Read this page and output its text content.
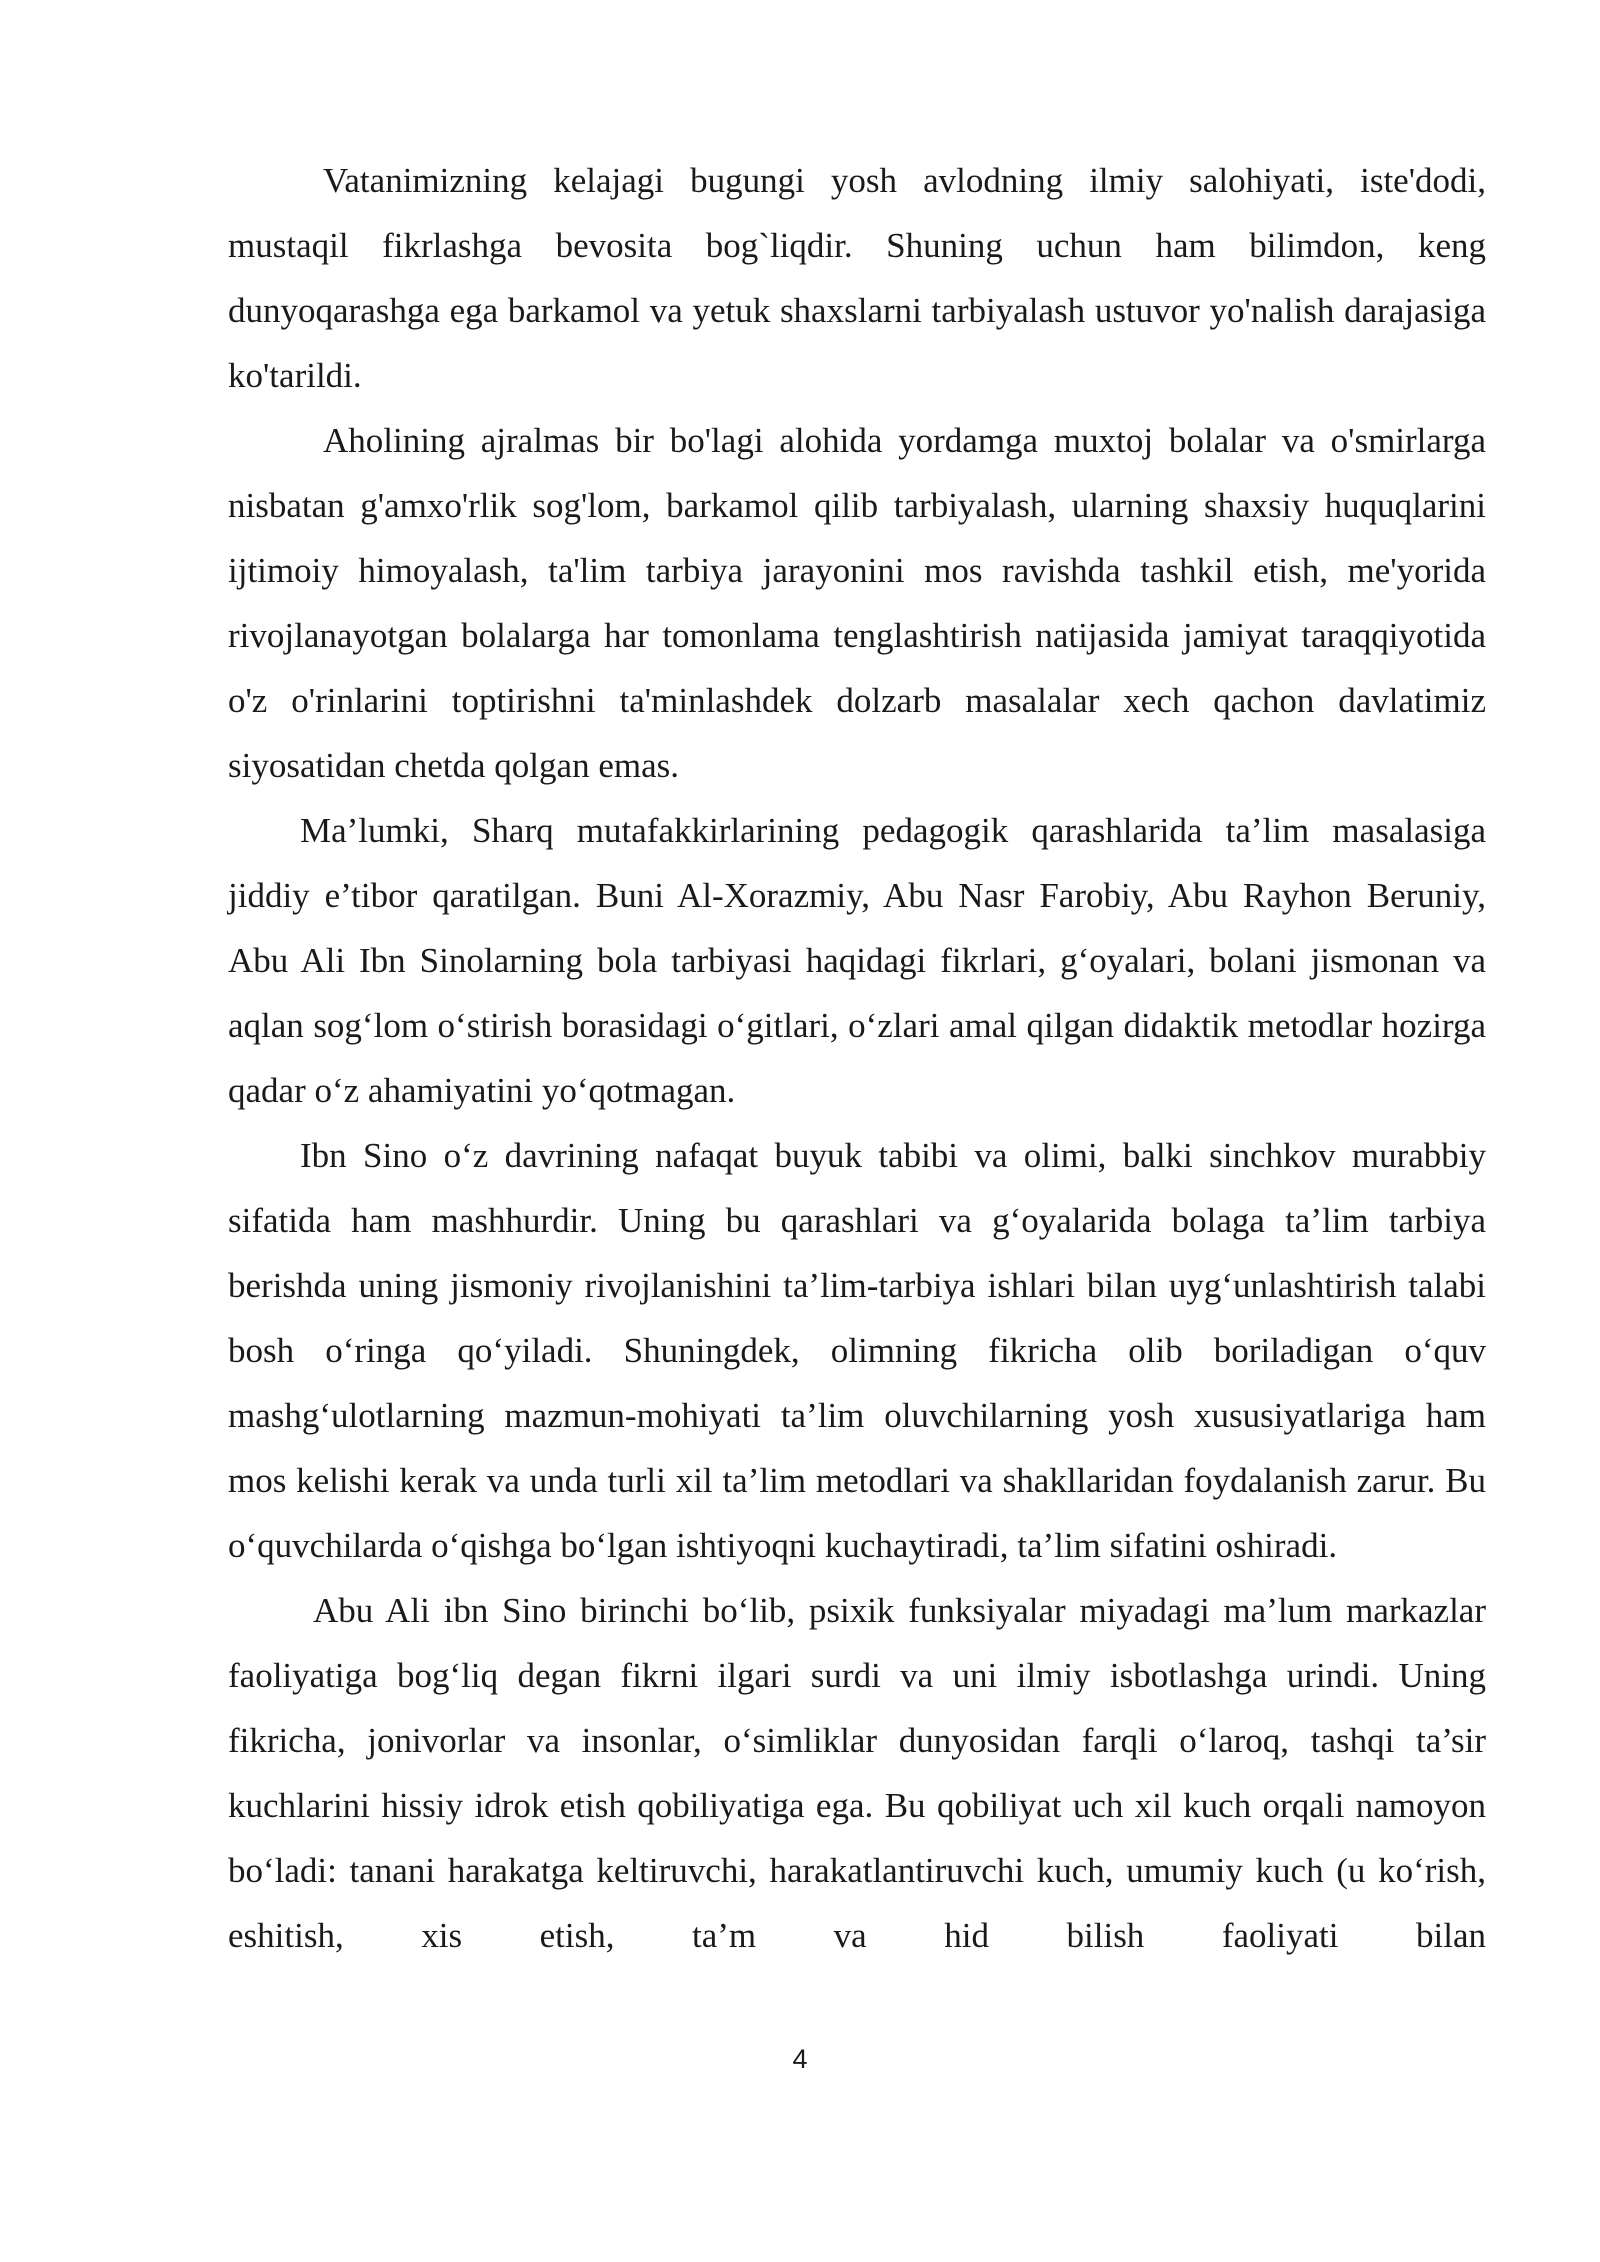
Vatanimizning kelajagi bugungi yosh avlodning ilmiy salohiyati, iste'dodi, mustaqil fikrlashga bevosita bog`liqdir. Shuning uchun ham bilimdon, keng dunyoqarashga ega barkamol va yetuk shaxslarni tarbiyalash ustuvor yo'nalish darajasiga ko'tarildi.

Aholining ajralmas bir bo'lagi alohida yordamga muxtoj bolalar va o'smirlarga nisbatan g'amxo'rlik sog'lom, barkamol qilib tarbiyalash, ularning shaxsiy huquqlarini ijtimoiy himoyalash, ta'lim tarbiya jarayonini mos ravishda tashkil etish, me'yorida rivojlanayotgan bolalarga har tomonlama tenglashtirish natijasida jamiyat taraqqiyotida o'z o'rinlarini toptirishni ta'minlashdek dolzarb masalalar xech qachon davlatimiz siyosatidan chetda qolgan emas.

Ma’lumki, Sharq mutafakkirlarining pedagogik qarashlarida ta’lim masalasiga jiddiy e’tibor qaratilgan. Buni Al-Xorazmiy, Abu Nasr Farobiy, Abu Rayhon Beruniy, Abu Ali Ibn Sinolarning bola tarbiyasi haqidagi fikrlari, g‘oyalari, bolani jismonan va aqlan sog‘lom o‘stirish borasidagi o‘gitlari, o‘zlari amal qilgan didaktik metodlar hozirga qadar o‘z ahamiyatini yo‘qotmagan.

Ibn Sino o‘z davrining nafaqat buyuk tabibi va olimi, balki sinchkov murabbiy sifatida ham mashhurdir. Uning bu qarashlari va g‘oyalarida bolaga ta’lim tarbiya berishda uning jismoniy rivojlanishini ta’lim-tarbiya ishlari bilan uyg‘unlashtirish talabi bosh o‘ringa qo‘yiladi. Shuningdek, olimning fikricha olib boriladigan o‘quv mashg‘ulotlarning mazmun-mohiyati ta’lim oluvchilarning yosh xususiyatlariga ham mos kelishi kerak va unda turli xil ta’lim metodlari va shakllaridan foydalanish zarur. Bu o‘quvchilarda o‘qishga bo‘lgan ishtiyoqni kuchaytiradi, ta’lim sifatini oshiradi.

Abu Ali ibn Sino birinchi bo‘lib, psixik funksiyalar miyadagi ma’lum markazlar faoliyatiga bog‘liq degan fikrni ilgari surdi va uni ilmiy isbotlashga urindi. Uning fikricha, jonivorlar va insonlar, o‘simliklar dunyosidan farqli o‘laroq, tashqi ta’sir kuchlarini hissiy idrok etish qobiliyatiga ega. Bu qobiliyat uch xil kuch orqali namoyon bo‘ladi: tanani harakatga keltiruvchi, harakatlantiruvchi kuch, umumiy kuch (u ko‘rish, eshitish, xis etish, ta’m va hid bilish faoliyati bilan

4
